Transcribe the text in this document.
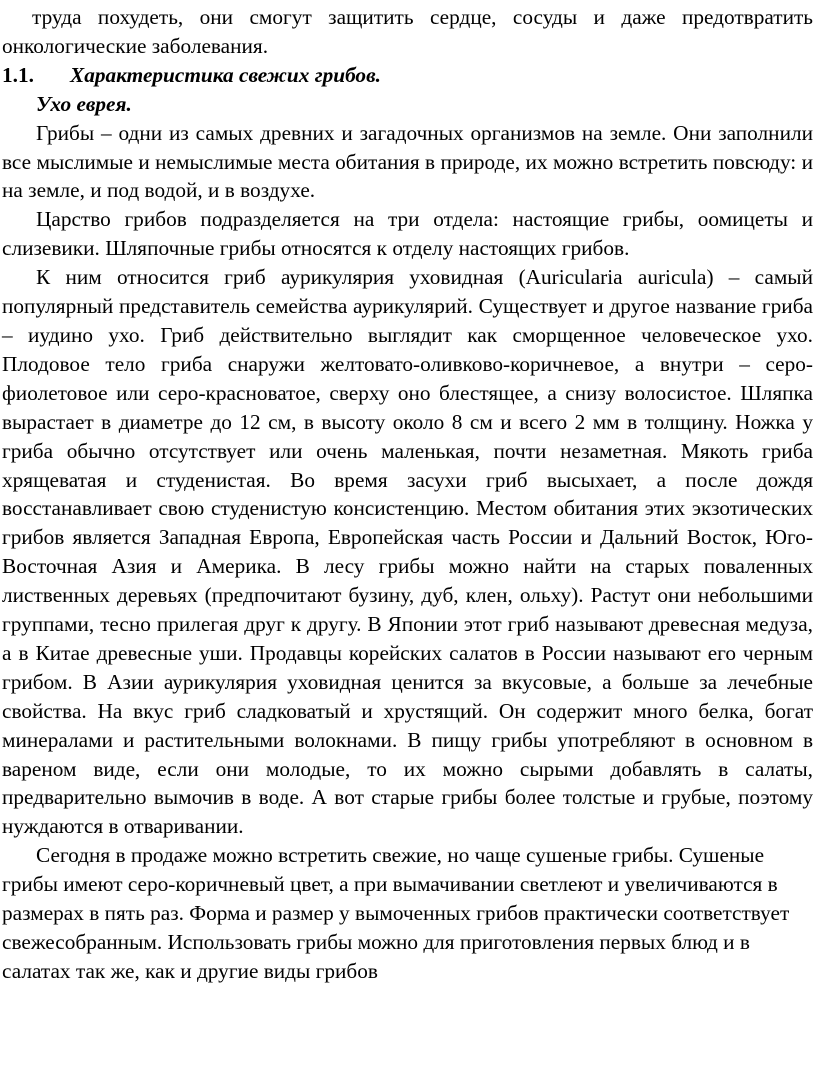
труда похудеть, они смогут защитить сердце, сосуды и даже предотвратить онкологические заболевания.

1.1. Характеристика свежих грибов.

Ухо еврея.

Грибы – одни из самых древних и загадочных организмов на земле. Они заполнили все мыслимые и немыслимые места обитания в природе, их можно встретить повсюду: и на земле, и под водой, и в воздухе.

Царство грибов подразделяется на три отдела: настоящие грибы, оомицеты и слизевики. Шляпочные грибы относятся к отделу настоящих грибов.

К ним относится гриб аурикулярия уховидная (Auricularia auricula) – самый популярный представитель семейства аурикулярий. Существует и другое название гриба – иудино ухо. Гриб действительно выглядит как сморщенное человеческое ухо. Плодовое тело гриба снаружи желтовато-оливково-коричневое, а внутри – серо-фиолетовое или серо-красноватое, сверху оно блестящее, а снизу волосистое. Шляпка вырастает в диаметре до 12 см, в высоту около 8 см и всего 2 мм в толщину. Ножка у гриба обычно отсутствует или очень маленькая, почти незаметная. Мякоть гриба хрящеватая и студенистая. Во время засухи гриб высыхает, а после дождя восстанавливает свою студенистую консистенцию. Местом обитания этих экзотических грибов является Западная Европа, Европейская часть России и Дальний Восток, Юго-Восточная Азия и Америка. В лесу грибы можно найти на старых поваленных лиственных деревьях (предпочитают бузину, дуб, клен, ольху). Растут они небольшими группами, тесно прилегая друг к другу. В Японии этот гриб называют древесная медуза, а в Китае древесные уши. Продавцы корейских салатов в России называют его черным грибом. В Азии аурикулярия уховидная ценится за вкусовые, а больше за лечебные свойства. На вкус гриб сладковатый и хрустящий. Он содержит много белка, богат минералами и растительными волокнами. В пищу грибы употребляют в основном в вареном виде, если они молодые, то их можно сырыми добавлять в салаты, предварительно вымочив в воде. А вот старые грибы более толстые и грубые, поэтому нуждаются в отваривании.

Сегодня в продаже можно встретить свежие, но чаще сушеные грибы. Сушеные грибы имеют серо-коричневый цвет, а при вымачивании светлеют и увеличиваются в размерах в пять раз. Форма и размер у вымоченных грибов практически соответствует свежесобранным. Использовать грибы можно для приготовления первых блюд и в салатах так же, как и другие виды грибов
